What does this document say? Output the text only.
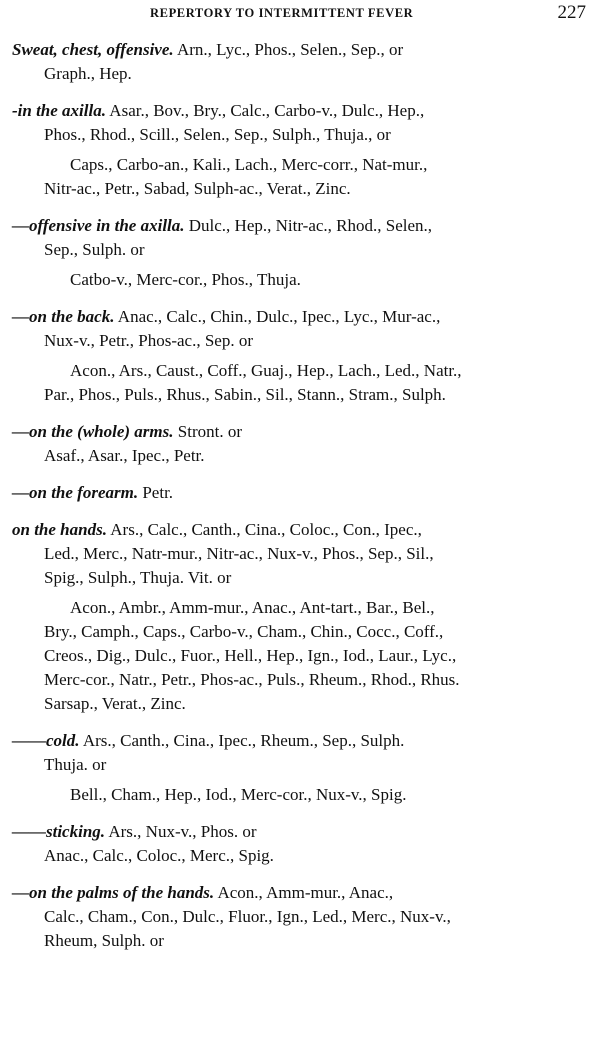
REPERTORY TO INTERMITTENT FEVER	227
Sweat, chest, offensive. Arn., Lyc., Phos., Selen., Sep., or
Graph., Hep.
-in the axilla. Asar., Bov., Bry., Calc., Carbo-v., Dulc., Hep.,
Phos., Rhod., Scill., Selen., Sep., Sulph., Thuja., or
Caps., Carbo-an., Kali., Lach., Merc-corr., Nat-mur.,
Nitr-ac., Petr., Sabad, Sulph-ac., Verat., Zinc.
—offensive in the axilla. Dulc., Hep., Nitr-ac., Rhod., Selen.,
Sep., Sulph. or
Catbo-v., Merc-cor., Phos., Thuja.
—on the back. Anac., Calc., Chin., Dulc., Ipec., Lyc., Mur-ac.,
Nux-v., Petr., Phos-ac., Sep. or
Acon., Ars., Caust., Coff., Guaj., Hep., Lach., Led., Natr.,
Par., Phos., Puls., Rhus., Sabin., Sil., Stann., Stram., Sulph.
—on the (whole) arms. Stront. or
Asaf., Asar., Ipec., Petr.
—on the forearm. Petr.
on the hands. Ars., Calc., Canth., Cina., Coloc., Con., Ipec.,
Led., Merc., Natr-mur., Nitr-ac., Nux-v., Phos., Sep., Sil.,
Spig., Sulph., Thuja. Vit. or
Acon., Ambr., Amm-mur., Anac., Ant-tart., Bar., Bel.,
Bry., Camph., Caps., Carbo-v., Cham., Chin., Cocc., Coff.,
Creos., Dig., Dulc., Fuor., Hell., Hep., Ign., Iod., Laur., Lyc.,
Merc-cor., Natr., Petr., Phos-ac., Puls., Rheum., Rhod., Rhus.
Sarsap., Verat., Zinc.
——cold. Ars., Canth., Cina., Ipec., Rheum., Sep., Sulph.
Thuja. or
Bell., Cham., Hep., Iod., Merc-cor., Nux-v., Spig.
——sticking. Ars., Nux-v., Phos. or
Anac., Calc., Coloc., Merc., Spig.
—on the palms of the hands. Acon., Amm-mur., Anac.,
Calc., Cham., Con., Dulc., Fluor., Ign., Led., Merc., Nux-v.,
Rheum, Sulph. or
